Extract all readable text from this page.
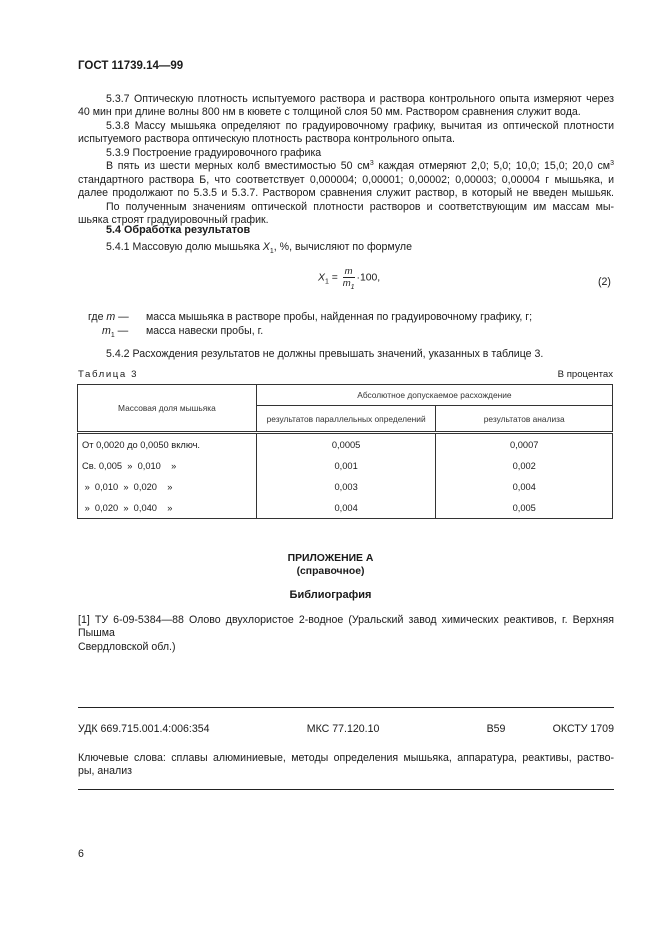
ГОСТ 11739.14—99
5.3.7 Оптическую плотность испытуемого раствора и раствора контрольного опыта измеряют через
40 мин при длине волны 800 нм в кювете с толщиной слоя 50 мм. Раствором сравнения служит вода.
5.3.8 Массу мышьяка определяют по градуировочному графику, вычитая из оптической плотности
испытуемого раствора оптическую плотность раствора контрольного опыта.
5.3.9 Построение градуировочного графика
В пять из шести мерных колб вместимостью 50 $см^3$ каждая отмеряют 2,0; 5,0; 10,0; 15,0; 20,0 $см^3$
стандартного раствора Б, что соответствует 0,000004; 0,00001; 0,00002; 0,00003; 0,00004 г мышьяка, и
далее продолжают по 5.3.5 и 5.3.7. Раствором сравнения служит раствор, в который не введен мышьяк.
По полученным значениям оптической плотности растворов и соответствующим им массам мы-
шьяка строят градуировочный график.
5.4 Обработка результатов
5.4.1 Массовую долю мышьяка $X_1$, %, вычисляют по формуле
$X_1 = \frac{m}{m_1} \cdot 100$,	(2)
где m —масса мышьяка в растворе пробы, найденная по градуировочному графику, г;
$m_1$ —масса навески пробы, г.
5.4.2 Расхождения результатов не должны превышать значений, указанных в таблице 3.
Таблица 3	В процентах
Массовая доля мышьяка	Абсолютное допускаемое расхождение	
	результатов параллельных определений	результатов анализа
От 0,0020 до 0,0050 включ.	0,0005	0,0007
Св. 0,005  »  0,010    »	0,001	0,002
»  0,010  »  0,020    »	0,003	0,004
»  0,020  »  0,040    »	0,004	0,005
ПРИЛОЖЕНИЕ А
(справочное)
Библиография
[1] ТУ 6-09-5384—88 Олово двухлористое 2-водное (Уральский завод химических реактивов, г. Верхняя Пышма
Свердловской обл.)
УДК 669.715.001.4:006:354	МКС 77.120.10	В59	ОКСТУ 1709
Ключевые слова: сплавы алюминиевые, методы определения мышьяка, аппаратура, реактивы, раство-
ры, анализ
6
